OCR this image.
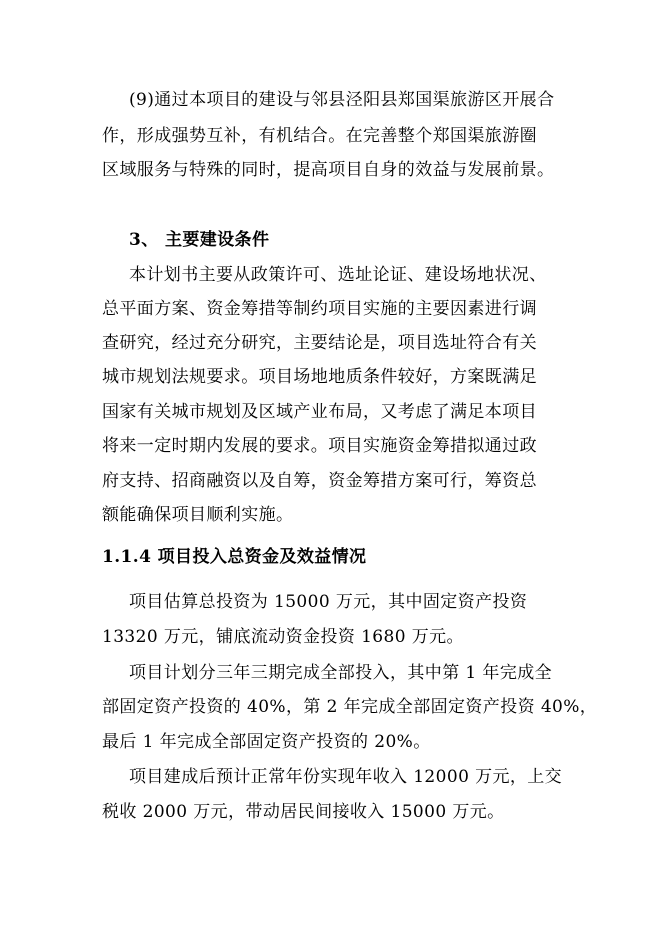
(9)通过本项目的建设与邻县泾阳县郑国渠旅游区开展合
作，形成强势互补，有机结合。在完善整个郑国渠旅游圈
区域服务与特殊的同时，提高项目自身的效益与发展前景。
3、 主要建设条件
本计划书主要从政策许可、选址论证、建设场地状况、
总平面方案、资金筹措等制约项目实施的主要因素进行调
查研究，经过充分研究，主要结论是，项目选址符合有关
城市规划法规要求。项目场地地质条件较好，方案既满足
国家有关城市规划及区域产业布局，又考虑了满足本项目
将来一定时期内发展的要求。项目实施资金筹措拟通过政
府支持、招商融资以及自筹，资金筹措方案可行，筹资总
额能确保项目顺利实施。
1.1.4 项目投入总资金及效益情况
项目估算总投资为 15000 万元，其中固定资产投资
13320 万元，铺底流动资金投资 1680 万元。
项目计划分三年三期完成全部投入，其中第 1 年完成全
部固定资产投资的 40%，第 2 年完成全部固定资产投资 40%，
最后 1 年完成全部固定资产投资的 20%。
项目建成后预计正常年份实现年收入 12000 万元，上交
税收 2000 万元，带动居民间接收入 15000 万元。
